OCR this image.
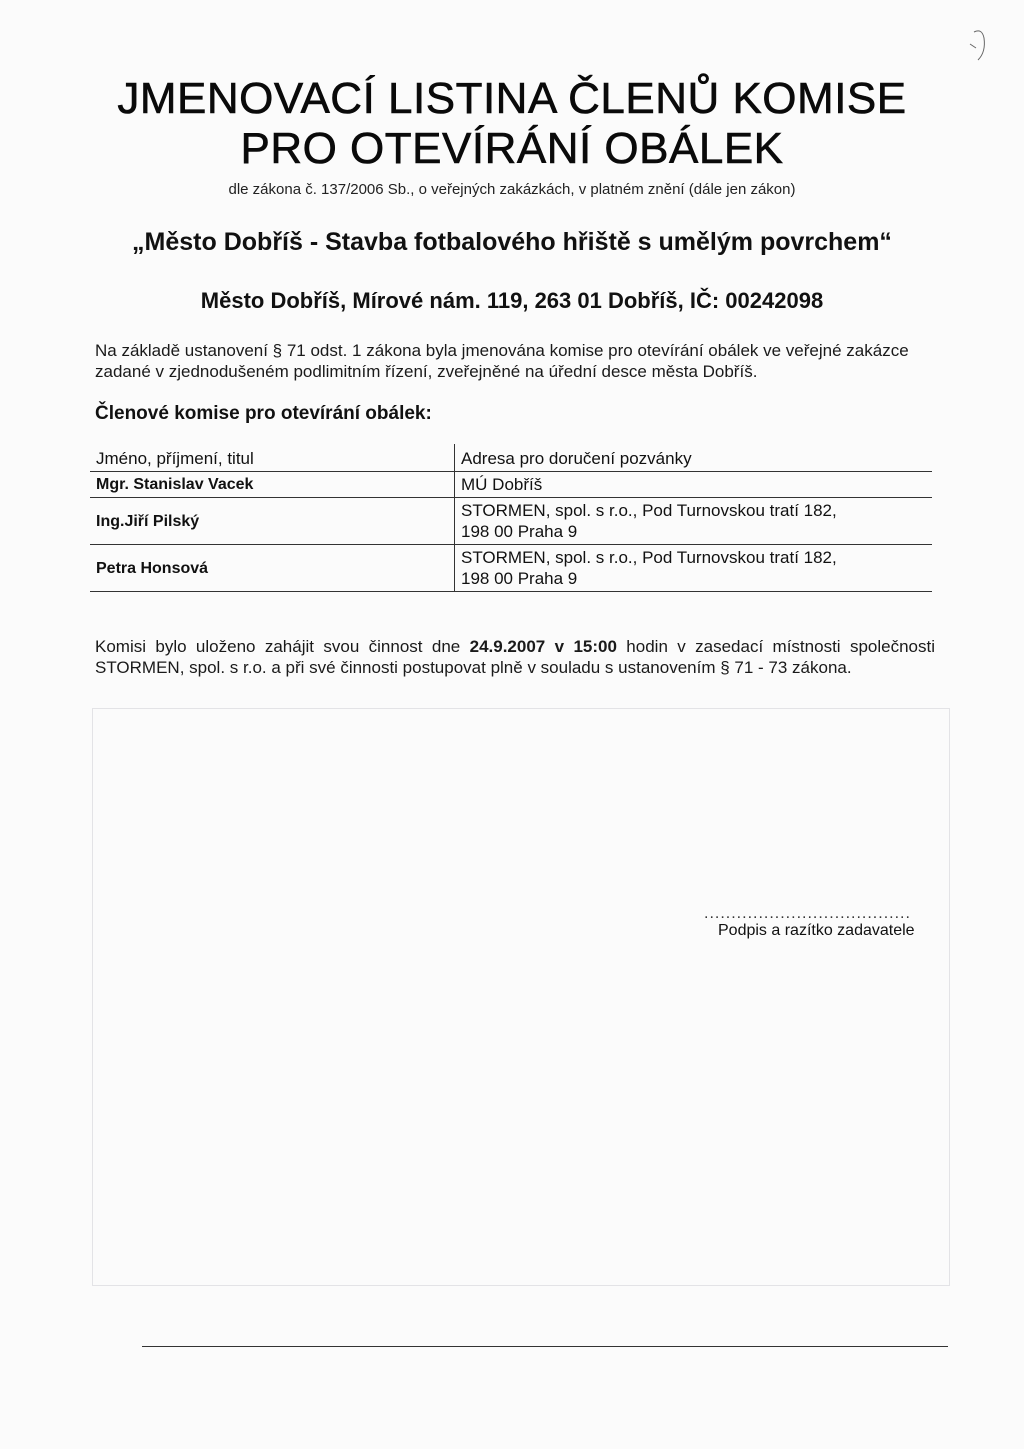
JMENOVACÍ LISTINA ČLENŮ KOMISE
PRO OTEVÍRÁNÍ OBÁLEK
dle zákona č. 137/2006 Sb., o veřejných zakázkách, v platném znění (dále jen zákon)
„Město Dobříš - Stavba fotbalového hřiště s umělým povrchem“
Město Dobříš, Mírové nám. 119, 263 01 Dobříš, IČ: 00242098
Na základě ustanovení § 71 odst. 1 zákona byla jmenována komise pro otevírání obálek ve veřejné zakázce zadané v zjednodušeném podlimitním řízení, zveřejněné na úřední desce města Dobříš.
Členové komise pro otevírání obálek:
Jméno, příjmení, titul	Adresa pro doručení pozvánky
Mgr. Stanislav Vacek	MÚ Dobříš

Ing.Jiří Pilský	STORMEN, spol. s r.o., Pod Turnovskou tratí 182,
198 00 Praha 9

Petra Honsová	STORMEN, spol. s r.o., Pod Turnovskou tratí 182,
198 00 Praha 9
Komisi bylo uloženo zahájit svou činnost dne 24.9.2007 v 15:00 hodin v zasedací místnosti společnosti STORMEN, spol. s r.o. a při své činnosti postupovat plně v souladu s ustanovením § 71 - 73 zákona.
......................................
Podpis a razítko zadavatele
